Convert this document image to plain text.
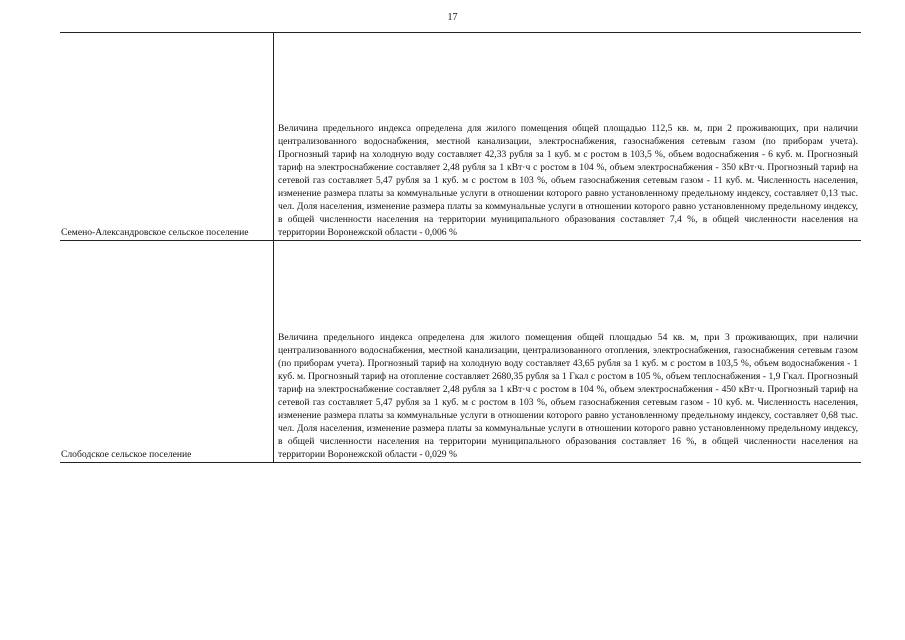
17
Семено-Александровское сельское поселение	Величина предельного индекса определена для жилого помещения общей площадью 112,5 кв. м, при 2 проживающих, при наличии централизованного водоснабжения, местной канализации, электроснабжения, газоснабжения сетевым газом (по приборам учета). Прогнозный тариф на холодную воду составляет 42,33 рубля за 1 куб. м с ростом в 103,5 %, объем водоснабжения - 6 куб. м. Прогнозный тариф на электроснабжение составляет 2,48 рубля за 1 кВт·ч с ростом в 104 %, объем электроснабжения - 350 кВт·ч. Прогнозный тариф на сетевой газ составляет 5,47 рубля за 1 куб. м с ростом в 103 %, объем газоснабжения сетевым газом - 11 куб. м. Численность населения, изменение размера платы за коммунальные услуги в отношении которого равно установленному предельному индексу, составляет 0,13 тыс. чел. Доля населения, изменение размера платы за коммунальные услуги в отношении которого равно установленному предельному индексу, в общей численности населения на территории муниципального образования составляет 7,4 %, в общей численности населения на территории Воронежской области - 0,006 %

Слободское сельское поселение	Величина предельного индекса определена для жилого помещения общей площадью 54 кв. м, при 3 проживающих, при наличии централизованного водоснабжения, местной канализации, централизованного отопления, электроснабжения, газоснабжения сетевым газом (по приборам учета). Прогнозный тариф на холодную воду составляет 43,65 рубля за 1 куб. м с ростом в 103,5 %, объем водоснабжения - 1 куб. м. Прогнозный тариф на отопление составляет 2680,35 рубля за 1 Гкал с ростом в 105 %, объем теплоснабжения - 1,9 Гкал. Прогнозный тариф на электроснабжение составляет 2,48 рубля за 1 кВт·ч с ростом в 104 %, объем электроснабжения - 450 кВт·ч. Прогнозный тариф на сетевой газ составляет 5,47 рубля за 1 куб. м с ростом в 103 %, объем газоснабжения сетевым газом - 10 куб. м. Численность населения, изменение размера платы за коммунальные услуги в отношении которого равно установленному предельному индексу, составляет 0,68 тыс. чел. Доля населения, изменение размера платы за коммунальные услуги в отношении которого равно установленному предельному индексу, в общей численности населения на территории муниципального образования составляет 16 %, в общей численности населения на территории Воронежской области - 0,029 %
